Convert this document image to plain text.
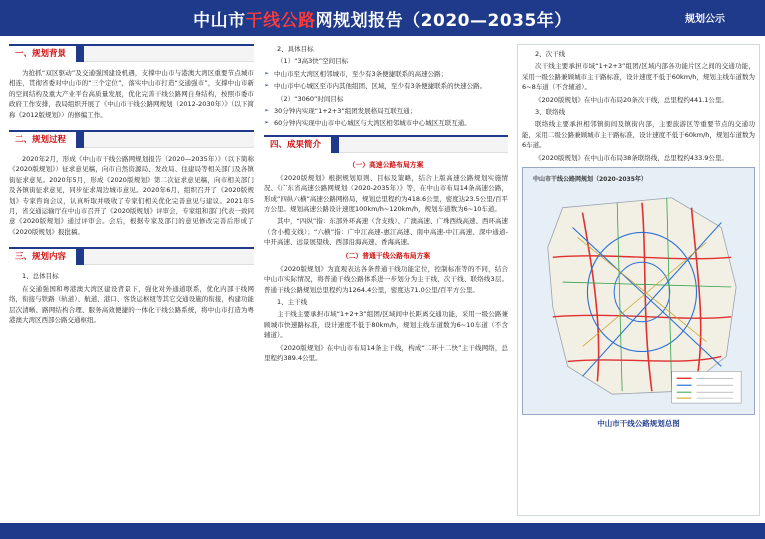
中山市干线公路网规划报告（2020—2035年）	规划公示
一、规划背景

为抢抓“双区驱动”及交通强国建设机遇，支撑中山市与港澳大湾区重要节点城市相连，贯彻省委对中山市的“三个定位”，落实中山市打造“交通强市”，支撑中山市新的空间结构及重大产业平台高质量发展，优化完善干线公路网自身结构，按照市委市政府工作安排，我局组织开展了《中山市干线公路网规划（2012-2030年）》（以下简称《2012版规划》）的修编工作。

二、规划过程

2020年2月，形成《中山市干线公路网规划报告（2020—2035年）》（以下简称《2020版规划》）征求意见稿，向市自然资源局、发改局、住建局等相关部门及各镇街征求意见。2020年5月，形成《2020版规划》第二次征求意见稿，向市相关部门及各镇街征求意见，同步征求周边城市意见。2020年6月，组织召开了《2020版规划》专家咨询会议，认真听取并吸收了专家们相关优化完善意见与建议。2021年5月，省交通运输厅在中山市召开了《2020版规划》评审会，专家组和部门代表一致同意《2020版规划》通过评审会。会后，根据专家及部门的意见修改完善后形成了《2020版规划》报批稿。

三、规划内容
1、总体目标

在交通强国和粤港澳大湾区建设背景下，强化对外通道联系，优化内部干线网络，衔接与铁路（轨道）、航道、港口、客货运枢纽等其它交通设施的衔接，构建功能层次清晰、路网结构合理、服务高效便捷的一体化干线公路系统，将中山市打造为粤港澳大湾区西部公路交通枢纽。

2、具体目标
（1）“3高3快”空间目标

➢ 中山市至大湾区相邻城市，至少有3条便捷联系的高速公路；

➢ 中山市中心城区至市内其他组团、区域，至少有3条便捷联系的快速公路。

（2）“3060”时间目标

➢ 30分钟内实现“1+2+3”组团发展格局互联互通；

➢ 60分钟内实现中山市中心城区与大湾区相邻城市中心城区互联互通。

四、成果简介
（一）高速公路布局方案

《2020版规划》根据规划原则、目标及策略，结合上版高速公路规划实施情况、《广东省高速公路网规划（2020-2035年）》等，在中山市布局14条高速公路，形成“四纵六横”高速公路网格局，规划总里程约为418.6公里，密度达23.5公里/百平方公里。规划高速公路设计速度100km/h~120km/h，规划车道数为6~10车道。

其中，“四纵”指：东部外环高速（含支线）、广澳高速、广珠西线高速、西环高速（含小榄支线）；“六横”指：广中江高速-惠江高速、南中高速-中江高速、深中通道-中开高速、远景展望线、西部沿海高速、香海高速。

（二）普通干线公路布局方案

《2020版规划》为直观表达各条普通干线功能定位，控制标准等的不同，结合中山市实际情况，将普通干线公路体系进一步划分为主干线、次干线、联络线3层。普通干线公路规划总里程约为1264.4公里，密度达71.0公里/百平方公里。

1、主干线

主干线主要承担市域“1+2+3”组团/区域间中长距离交通功能，采用一级公路兼顾城市快速路标准，设计速度不低于80km/h，规划主线车道数为6~10车道（不含辅道）。

《2020版规划》在中山市布局14条主干线，构成“二环十二快”主干线网络，总里程约389.4公里。

2、次干线

次干线主要承担市域“1+2+3”组团/区域内部各功能片区之间的交通功能，采用一级公路兼顾城市主干路标准，设计速度不低于60km/h，规划主线车道数为6~8车道（不含辅道）。

《2020版规划》在中山市布局20条次干线，总里程约441.1公里。

3、联络线

联络线主要承担相邻镇街间及镇街内部，主要旅游区等重要节点的交通功能，采用二级公路兼顾城市主干路标准，设计速度不低于60km/h，规划车道数为6车道。

《2020版规划》在中山市布局38条联络线，总里程约433.9公里。

中山市干线公路网规划（2020-2035年）
中山市干线公路规划总图
